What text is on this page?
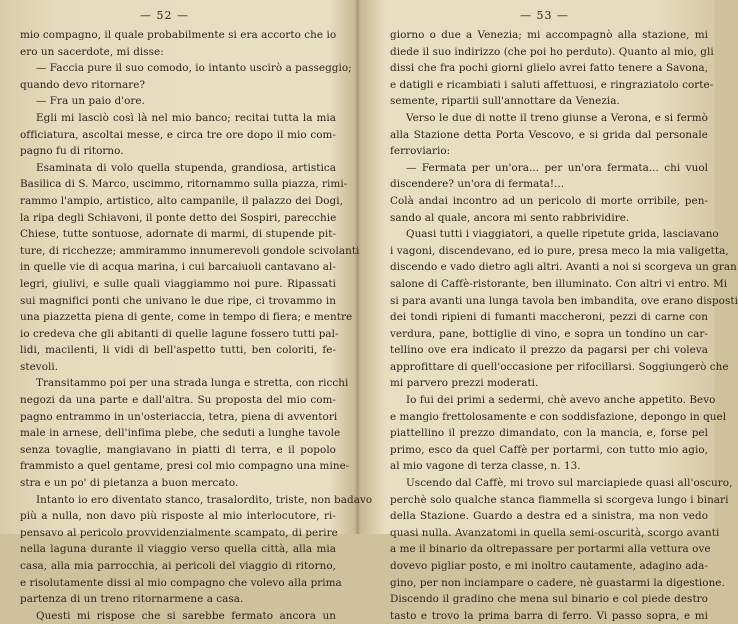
— 52 —
mio compagno, il quale probabilmente si era accorto che io
ero un sacerdote, mi disse:
— Faccia pure il suo comodo, io intanto uscirò a passeggio;
quando devo ritornare?
— Fra un paio d'ore.
Egli mi lasciò così là nel mio banco; recitai tutta la mia
officiatura, ascoltai messe, e circa tre ore dopo il mio com-
pagno fu di ritorno.
Esaminata di volo quella stupenda, grandiosa, artistica
Basilica di S. Marco, uscimmo, ritornammo sulla piazza, rimi-
rammo l'ampio, artistico, alto campanile, il palazzo dei Dogi,
la ripa degli Schiavoni, il ponte detto dei Sospiri, parecchie
Chiese, tutte sontuose, adornate di marmi, di stupende pit-
ture, di ricchezze; ammirammo innumerevoli gondole scivolanti
in quelle vie di acqua marina, i cui barcaiuoli cantavano al-
legri, giulivi, e sulle quali viaggiammo noi pure. Ripassati
sui magnifici ponti che univano le due ripe, ci trovammo in
una piazzetta piena di gente, come in tempo di fiera; e mentre
io credeva che gli abitanti di quelle lagune fossero tutti pal-
lidi, macilenti, li vidi di bell'aspetto tutti, ben coloriti, fe-
stevoli.
Transitammo poi per una strada lunga e stretta, con ricchi
negozi da una parte e dall'altra. Su proposta del mio com-
pagno entrammo in un'osteriaccia, tetra, piena di avventori
male in arnese, dell'infima plebe, che seduti a lunghe tavole
senza tovaglie, mangiavano in piatti di terra, e il popolo
frammisto a quel gentame, presi col mio compagno una mine-
stra e un po' di pietanza a buon mercato.
Intanto io ero diventato stanco, trasalordito, triste, non badavo
più a nulla, non davo più risposte al mio interlocutore, ri-
pensavo al pericolo provvidenzialmente scampato, di perire
nella laguna durante il viaggio verso quella città, alla mia
casa, alla mia parrocchia, ai pericoli del viaggio di ritorno,
e risolutamente dissi al mio compagno che volevo alla prima
partenza di un treno ritornarmene a casa.
Questi mi rispose che si sarebbe fermato ancora un
— 53 —
giorno o due a Venezia; mi accompagnò alla stazione, mi
diede il suo indirizzo (che poi ho perduto). Quanto al mio, gli
dissi che fra pochi giorni glielo avrei fatto tenere a Savona,
e datigli e ricambiati i saluti affettuosi, e ringraziatolo corte-
semente, ripartii sull'annottare da Venezia.
Verso le due di notte il treno giunse a Verona, e si fermò
alla Stazione detta Porta Vescovo, e si grida dal personale
ferroviario:
— Fermata per un'ora... per un'ora fermata... chi vuol
discendere? un'ora di fermata!...
Colà andai incontro ad un pericolo di morte orribile, pen-
sando al quale, ancora mi sento rabbrividire.
Quasi tutti i viaggiatori, a quelle ripetute grida, lasciavano
i vagoni, discendevano, ed io pure, presa meco la mia valigetta,
discendo e vado dietro agli altri. Avanti a noi si scorgeva un gran
salone di Caffè-ristorante, ben illuminato. Con altri vi entro. Mi
si para avanti una lunga tavola ben imbandita, ove erano disposti
dei tondi ripieni di fumanti maccheroni, pezzi di carne con
verdura, pane, bottiglie di vino, e sopra un tondino un car-
tellino ove era indicato il prezzo da pagarsi per chi voleva
approfittare di quell'occasione per rifocillarsi. Soggiungerò che
mi parvero prezzi moderati.
Io fui dei primi a sedermi, chè avevo anche appetito. Bevo
e mangio frettolosamente e con soddisfazione, depongo in quel
piattellino il prezzo dimandato, con la mancia, e, forse pel
primo, esco da quel Caffè per portarmi, con tutto mio agio,
al mio vagone di terza classe, n. 13.
Uscendo dal Caffè, mi trovo sul marciapiede quasi all'oscuro,
perchè solo qualche stanca fiammella si scorgeva lungo i binari
della Stazione. Guardo a destra ed a sinistra, ma non vedo
quasi nulla. Avanzatomi in quella semi-oscurità, scorgo avanti
a me il binario da oltrepassare per portarmi alla vettura ove
dovevo pigliar posto, e mi inoltro cautamente, adagino ada-
gino, per non inciampare o cadere, nè guastarmi la digestione.
Discendo il gradino che mena sul binario e col piede destro
tasto e trovo la prima barra di ferro. Vi passo sopra, e mi
